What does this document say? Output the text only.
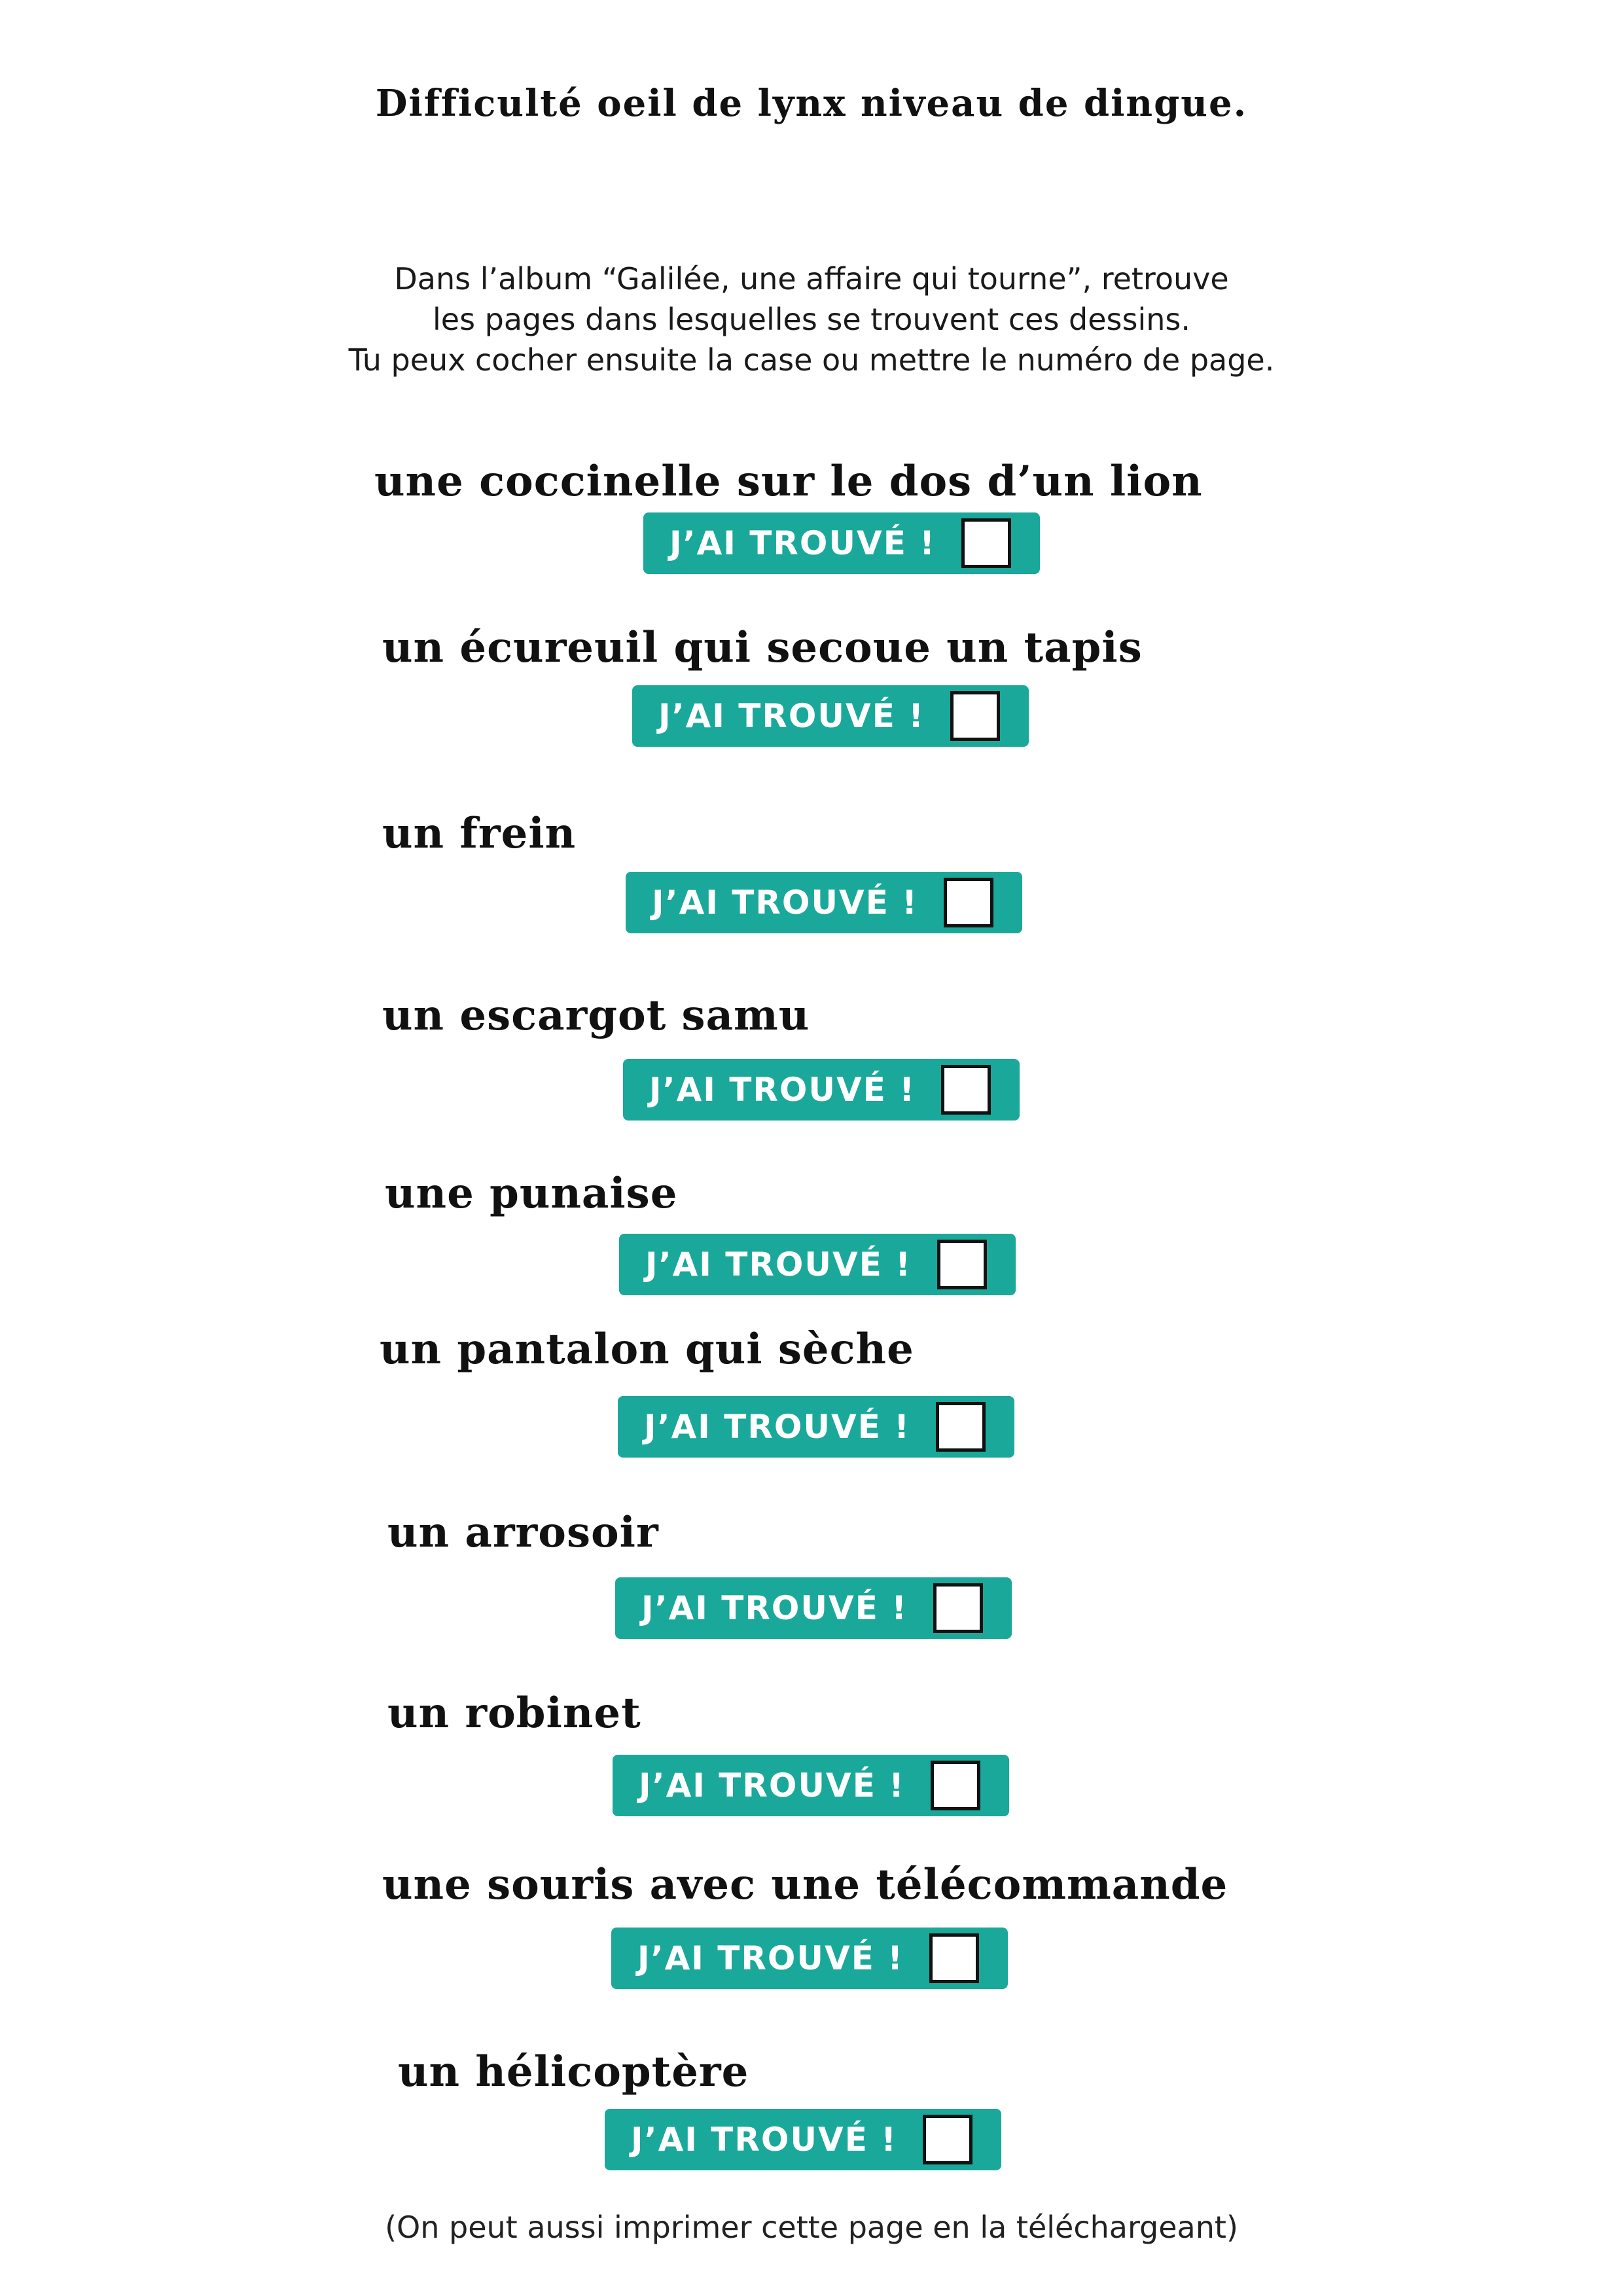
Difficulté oeil de lynx niveau de dingue.
Dans l’album “Galilée, une affaire qui tourne”, retrouve
les pages dans lesquelles se trouvent ces dessins.
Tu peux cocher ensuite la case ou mettre le numéro de page.
une coccinelle sur le dos d’un lion
J’AI TROUVÉ !
un écureuil qui secoue un tapis
J’AI TROUVÉ !
un frein
J’AI TROUVÉ !
un escargot samu
J’AI TROUVÉ !
une punaise
J’AI TROUVÉ !
un pantalon qui sèche
J’AI TROUVÉ !
un arrosoir
J’AI TROUVÉ !
un robinet
J’AI TROUVÉ !
une souris avec une télécommande
J’AI TROUVÉ !
un hélicoptère
J’AI TROUVÉ !
(On peut aussi imprimer cette page en la téléchargeant)
